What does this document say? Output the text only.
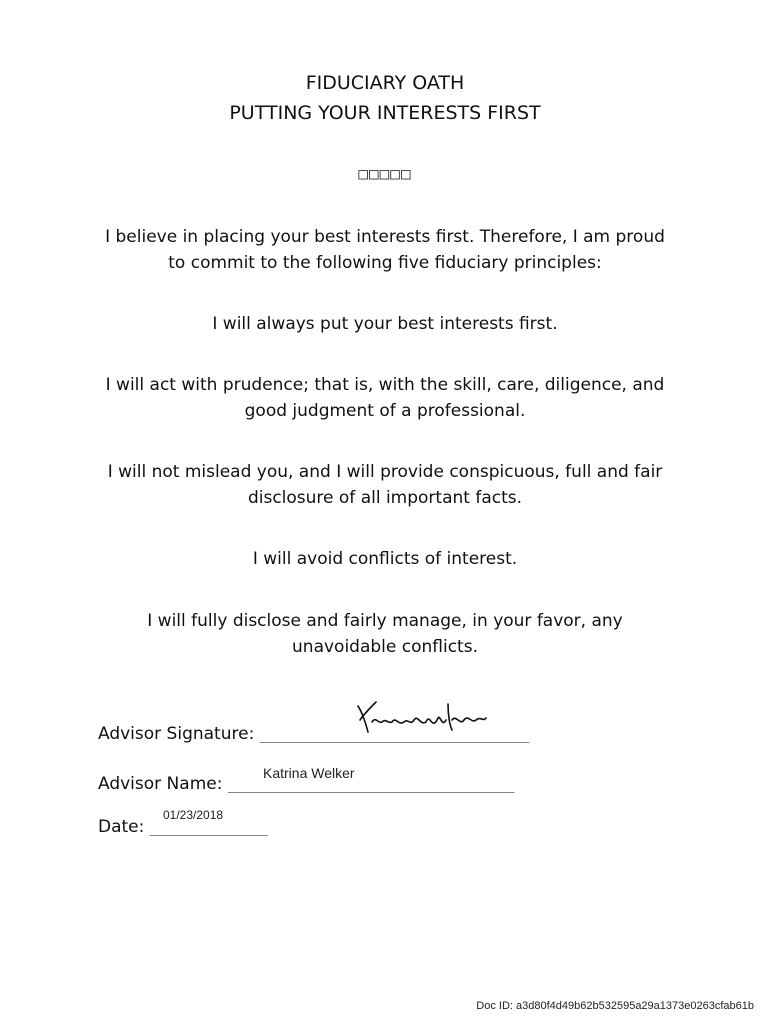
FIDUCIARY OATH
PUTTING YOUR INTERESTS FIRST
□□□□□
I believe in placing your best interests first. Therefore, I am proud to commit to the following five fiduciary principles:
I will always put your best interests first.
I will act with prudence; that is, with the skill, care, diligence, and good judgment of a professional.
I will not mislead you, and I will provide conspicuous, full and fair disclosure of all important facts.
I will avoid conflicts of interest.
I will fully disclose and fairly manage, in your favor, any unavoidable conflicts.
Advisor Signature: ________________________________
Advisor Name: __________________________________
Katrina Welker
Date: ______________
01/23/2018
Doc ID: a3d80f4d49b62b532595a29a1373e0263cfab61b
